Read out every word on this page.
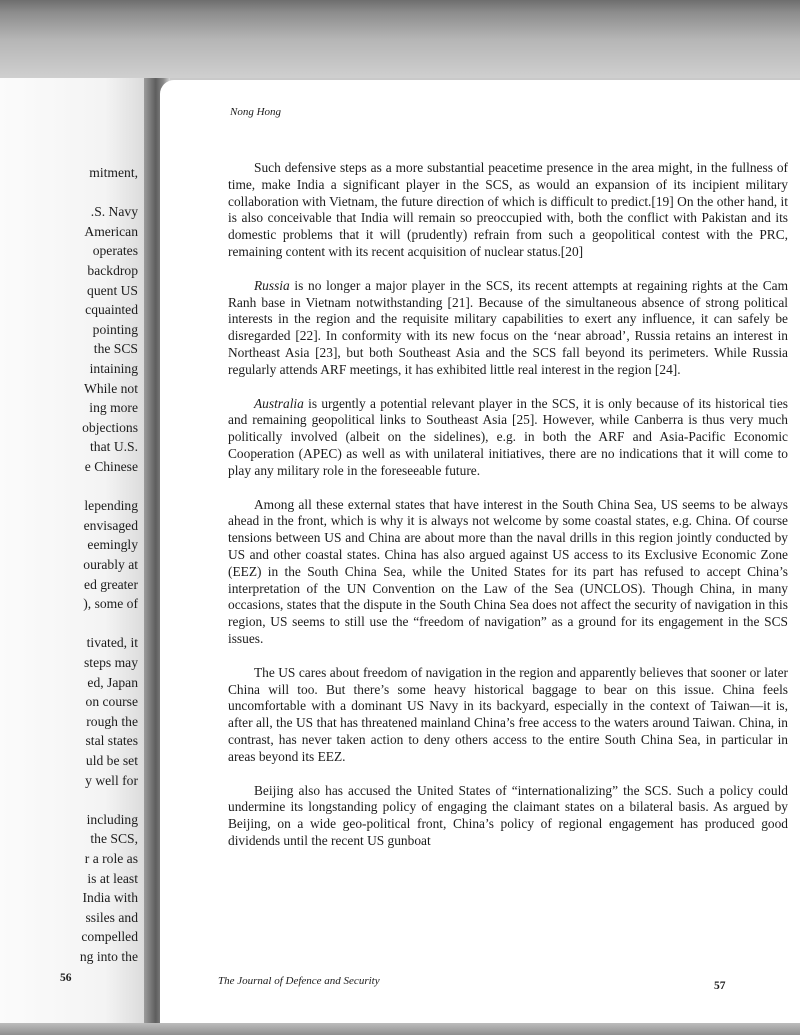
mitment,
.S. Navy
American
operates
backdrop
quent US
cquainted
pointing
the SCS
intaining
While not
ing more
objections
that U.S.
e Chinese
lepending
envisaged
eemingly
ourably at
ed greater
), some of
tivated, it
steps may
ed, Japan
on course
rough the
stal states
uld be set
y well for
including
the SCS,
r a role as
is at least
India with
ssiles and
compelled
ng into the
56
Nong Hong

Such defensive steps as a more substantial peacetime presence in the area might, in the fullness of time, make India a significant player in the SCS, as would an expansion of its incipient military collaboration with Vietnam, the future direction of which is difficult to predict.[19] On the other hand, it is also conceivable that India will remain so preoccupied with, both the conflict with Pakistan and its domestic problems that it will (prudently) refrain from such a geopolitical contest with the PRC, remaining content with its recent acquisition of nuclear status.[20]

Russia is no longer a major player in the SCS, its recent attempts at regaining rights at the Cam Ranh base in Vietnam notwithstanding [21]. Because of the simultaneous absence of strong political interests in the region and the requisite military capabilities to exert any influence, it can safely be disregarded [22]. In conformity with its new focus on the ‘near abroad’, Russia retains an interest in Northeast Asia [23], but both Southeast Asia and the SCS fall beyond its perimeters. While Russia regularly attends ARF meetings, it has exhibited little real interest in the region [24].

Australia is urgently a potential relevant player in the SCS, it is only because of its historical ties and remaining geopolitical links to Southeast Asia [25]. However, while Canberra is thus very much politically involved (albeit on the sidelines), e.g. in both the ARF and Asia-Pacific Economic Cooperation (APEC) as well as with unilateral initiatives, there are no indications that it will come to play any military role in the foreseeable future.

Among all these external states that have interest in the South China Sea, US seems to be always ahead in the front, which is why it is always not welcome by some coastal states, e.g. China. Of course tensions between US and China are about more than the naval drills in this region jointly conducted by US and other coastal states. China has also argued against US access to its Exclusive Economic Zone (EEZ) in the South China Sea, while the United States for its part has refused to accept China’s interpretation of the UN Convention on the Law of the Sea (UNCLOS). Though China, in many occasions, states that the dispute in the South China Sea does not affect the security of navigation in this region, US seems to still use the “freedom of navigation” as a ground for its engagement in the SCS issues.

The US cares about freedom of navigation in the region and apparently believes that sooner or later China will too. But there’s some heavy historical baggage to bear on this issue. China feels uncomfortable with a dominant US Navy in its backyard, especially in the context of Taiwan—it is, after all, the US that has threatened mainland China’s free access to the waters around Taiwan. China, in contrast, has never taken action to deny others access to the entire South China Sea, in particular in areas beyond its EEZ.

Beijing also has accused the United States of “internationalizing” the SCS. Such a policy could undermine its longstanding policy of engaging the claimant states on a bilateral basis. As argued by Beijing, on a wide geo-political front, China’s policy of regional engagement has produced good dividends until the recent US gunboat

The Journal of Defence and Security	57
